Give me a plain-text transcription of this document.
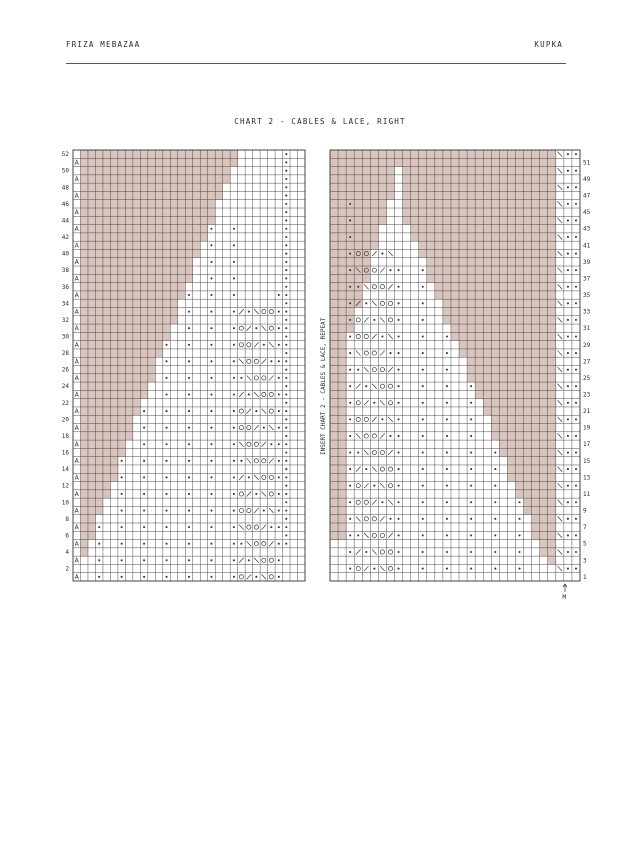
FRIZA MEBAZAA	KUPKA
CHART 2 - CABLES & LACE, RIGHT
2
4
6
8
10
12
14
16
18
20
22
24
26
28
30
32
34
36
38
40
42
44
46
48
50
52
1
3
5
7
9
11
13
15
17
19
21
23
25
27
29
31
33
35
37
39
41
43
45
47
49
51
INSERT CHART 2 - CABLES & LACE, REPEAT
M
